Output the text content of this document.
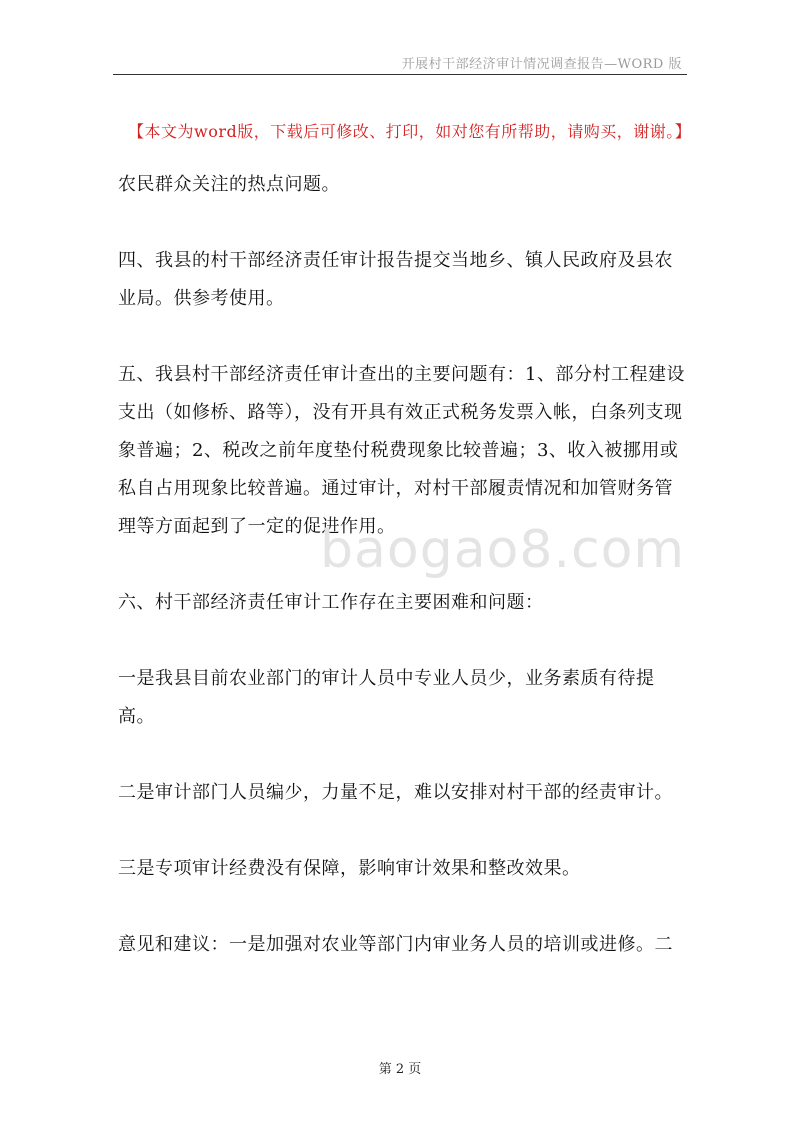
开展村干部经济审计情况调查报告—WORD 版
【本文为word版，下载后可修改、打印，如对您有所帮助，请购买，谢谢。】

农民群众关注的热点问题。

四、我县的村干部经济责任审计报告提交当地乡、镇人民政府及县农业局。供参考使用。

五、我县村干部经济责任审计查出的主要问题有：1、部分村工程建设支出（如修桥、路等），没有开具有效正式税务发票入帐，白条列支现象普遍；2、税改之前年度垫付税费现象比较普遍；3、收入被挪用或私自占用现象比较普遍。通过审计，对村干部履责情况和加管财务管理等方面起到了一定的促进作用。

六、村干部经济责任审计工作存在主要困难和问题：

一是我县目前农业部门的审计人员中专业人员少，业务素质有待提高。

二是审计部门人员编少，力量不足，难以安排对村干部的经责审计。

三是专项审计经费没有保障，影响审计效果和整改效果。

意见和建议：一是加强对农业等部门内审业务人员的培训或进修。二

baogao8.com
第 2 页
